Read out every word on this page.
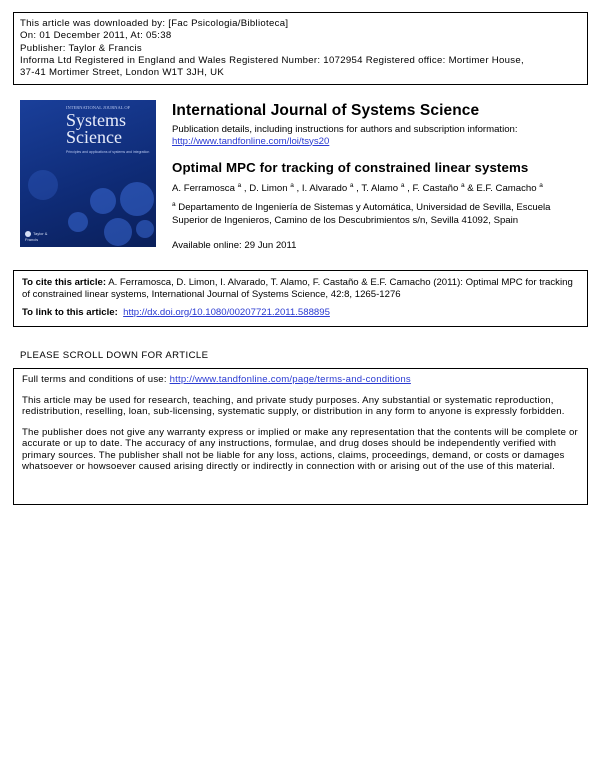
This article was downloaded by: [Fac Psicologia/Biblioteca]
On: 01 December 2011, At: 05:38
Publisher: Taylor & Francis
Informa Ltd Registered in England and Wales Registered Number: 1072954 Registered office: Mortimer House,
37-41 Mortimer Street, London W1T 3JH, UK
INTERNATIONAL JOURNAL OF
Systems
Science
Principles and applications of systems and integration
Taylor & Francis
International Journal of Systems Science
Publication details, including instructions for authors and subscription information:
http://www.tandfonline.com/loi/tsys20
Optimal MPC for tracking of constrained linear systems
A. Ferramosca $^a$ , D. Limon $^a$ , I. Alvarado $^a$ , T. Alamo $^a$ , F. Castaño $^a$ & E.F. Camacho $^a$
$^a$ Departamento de Ingeniería de Sistemas y Automática, Universidad de Sevilla, Escuela
Superior de Ingenieros, Camino de los Descubrimientos s/n, Sevilla 41092, Spain
Available online: 29 Jun 2011
To cite this article: A. Ferramosca, D. Limon, I. Alvarado, T. Alamo, F. Castaño & E.F. Camacho (2011): Optimal MPC for tracking of constrained linear systems, International Journal of Systems Science, 42:8, 1265-1276
To link to this article: http://dx.doi.org/10.1080/00207721.2011.588895
PLEASE SCROLL DOWN FOR ARTICLE

Full terms and conditions of use: http://www.tandfonline.com/page/terms-and-conditions

This article may be used for research, teaching, and private study purposes. Any substantial or systematic reproduction, redistribution, reselling, loan, sub-licensing, systematic supply, or distribution in any form to anyone is expressly forbidden.

The publisher does not give any warranty express or implied or make any representation that the contents will be complete or accurate or up to date. The accuracy of any instructions, formulae, and drug doses should be independently verified with primary sources. The publisher shall not be liable for any loss, actions, claims, proceedings, demand, or costs or damages whatsoever or howsoever caused arising directly or indirectly in connection with or arising out of the use of this material.
